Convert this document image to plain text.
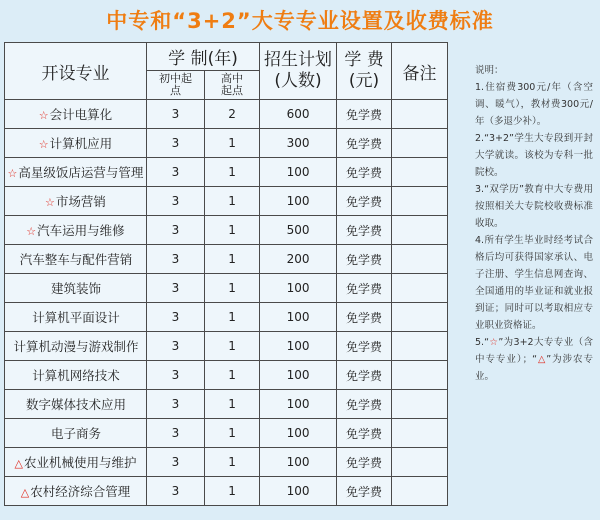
中专和“3+2”大专专业设置及收费标准
开设专业	学 制(年)		招生计划(人数)	学 费(元)	备注
	初中起点	高中起点			
☆会计电算化	3	2	600	免学费	
☆计算机应用	3	1	300	免学费	
☆高星级饭店运营与管理	3	1	100	免学费	
☆市场营销	3	1	100	免学费	
☆汽车运用与维修	3	1	500	免学费	
汽车整车与配件营销	3	1	200	免学费	
建筑装饰	3	1	100	免学费	
计算机平面设计	3	1	100	免学费	
计算机动漫与游戏制作	3	1	100	免学费	
计算机网络技术	3	1	100	免学费	
数字媒体技术应用	3	1	100	免学费	
电子商务	3	1	100	免学费	
△农业机械使用与维护	3	1	100	免学费	
△农村经济综合管理	3	1	100	免学费	

说明：

1.住宿费300元/年（含空调、暖气），教材费300元/年（多退少补）。

2.“3+2”学生大专段到开封大学就读。该校为专科一批院校。

3.“双学历”教育中大专费用按照相关大专院校收费标准收取。

4.所有学生毕业时经考试合格后均可获得国家承认、电子注册、学生信息网查询、全国通用的毕业证和就业报到证；同时可以考取相应专业职业资格证。

5.“☆”为3+2大专专业（含中专专业）；“△”为涉农专业。
